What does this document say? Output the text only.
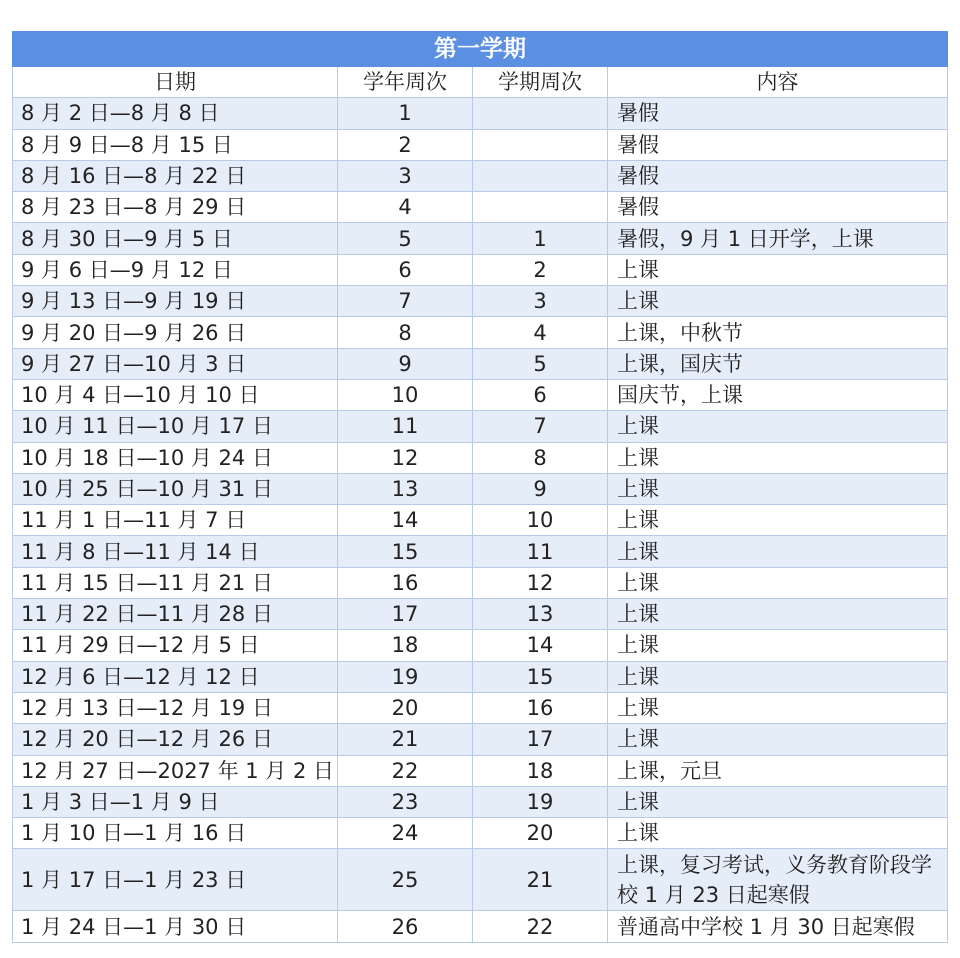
第一学期			
日期	学年周次	学期周次	内容
8 月 2 日—8 月 8 日	1		暑假
8 月 9 日—8 月 15 日	2		暑假
8 月 16 日—8 月 22 日	3		暑假
8 月 23 日—8 月 29 日	4		暑假
8 月 30 日—9 月 5 日	5	1	暑假，9 月 1 日开学，上课
9 月 6 日—9 月 12 日	6	2	上课
9 月 13 日—9 月 19 日	7	3	上课
9 月 20 日—9 月 26 日	8	4	上课，中秋节
9 月 27 日—10 月 3 日	9	5	上课，国庆节
10 月 4 日—10 月 10 日	10	6	国庆节，上课
10 月 11 日—10 月 17 日	11	7	上课
10 月 18 日—10 月 24 日	12	8	上课
10 月 25 日—10 月 31 日	13	9	上课
11 月 1 日—11 月 7 日	14	10	上课
11 月 8 日—11 月 14 日	15	11	上课
11 月 15 日—11 月 21 日	16	12	上课
11 月 22 日—11 月 28 日	17	13	上课
11 月 29 日—12 月 5 日	18	14	上课
12 月 6 日—12 月 12 日	19	15	上课
12 月 13 日—12 月 19 日	20	16	上课
12 月 20 日—12 月 26 日	21	17	上课
12 月 27 日—2027 年 1 月 2 日	22	18	上课，元旦
1 月 3 日—1 月 9 日	23	19	上课
1 月 10 日—1 月 16 日	24	20	上课
1 月 17 日—1 月 23 日	25	21	上课，复习考试，义务教育阶段学校 1 月 23 日起寒假
1 月 24 日—1 月 30 日	26	22	普通高中学校 1 月 30 日起寒假
